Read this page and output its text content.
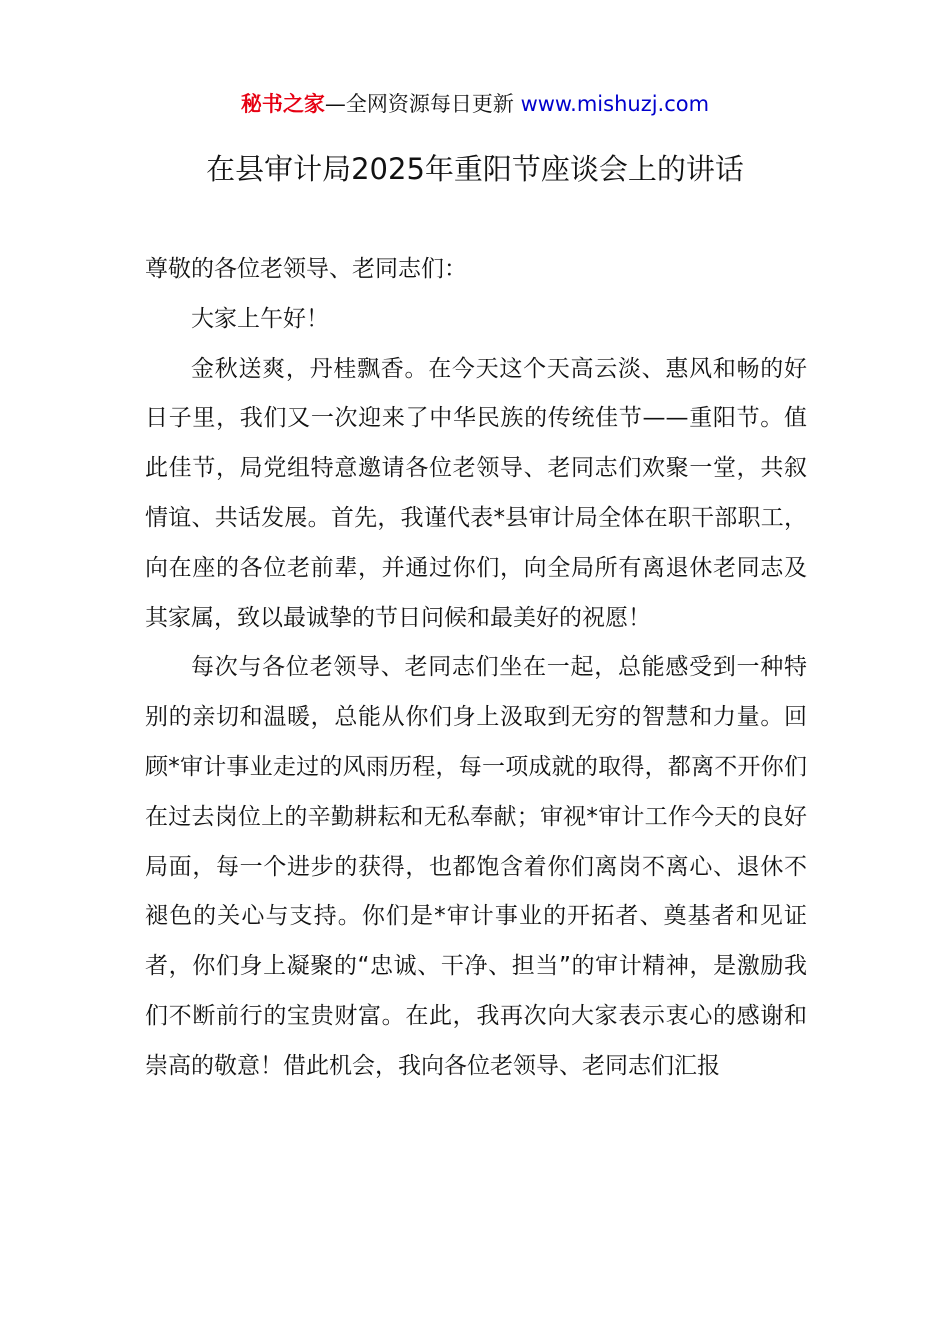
秘书之家—全网资源每日更新 www.mishuzj.com
在县审计局2025年重阳节座谈会上的讲话

尊敬的各位老领导、老同志们：

大家上午好！

金秋送爽，丹桂飘香。在今天这个天高云淡、惠风和畅的好日子里，我们又一次迎来了中华民族的传统佳节——重阳节。值此佳节，局党组特意邀请各位老领导、老同志们欢聚一堂，共叙情谊、共话发展。首先，我谨代表*县审计局全体在职干部职工，向在座的各位老前辈，并通过你们，向全局所有离退休老同志及其家属，致以最诚挚的节日问候和最美好的祝愿！

每次与各位老领导、老同志们坐在一起，总能感受到一种特别的亲切和温暖，总能从你们身上汲取到无穷的智慧和力量。回顾*审计事业走过的风雨历程，每一项成就的取得，都离不开你们在过去岗位上的辛勤耕耘和无私奉献；审视*审计工作今天的良好局面，每一个进步的获得，也都饱含着你们离岗不离心、退休不褪色的关心与支持。你们是*审计事业的开拓者、奠基者和见证者，你们身上凝聚的“忠诚、干净、担当”的审计精神，是激励我们不断前行的宝贵财富。在此，我再次向大家表示衷心的感谢和崇高的敬意！借此机会，我向各位老领导、老同志们汇报
